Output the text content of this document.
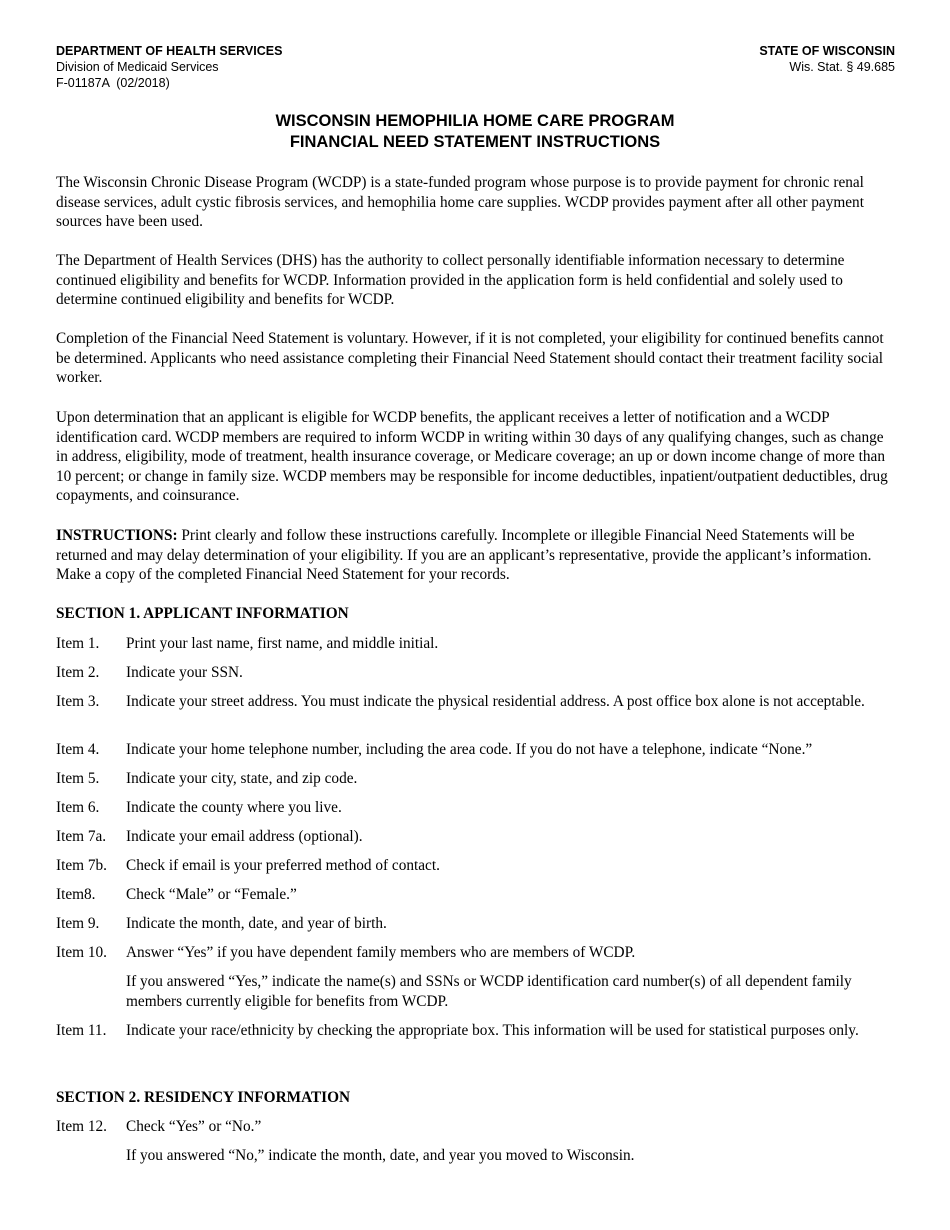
DEPARTMENT OF HEALTH SERVICES
Division of Medicaid Services
F-01187A  (02/2018)
STATE OF WISCONSIN
Wis. Stat. § 49.685
WISCONSIN HEMOPHILIA HOME CARE PROGRAM
FINANCIAL NEED STATEMENT INSTRUCTIONS

The Wisconsin Chronic Disease Program (WCDP) is a state-funded program whose purpose is to provide payment for chronic renal disease services, adult cystic fibrosis services, and hemophilia home care supplies. WCDP provides payment after all other payment sources have been used.

The Department of Health Services (DHS) has the authority to collect personally identifiable information necessary to determine continued eligibility and benefits for WCDP. Information provided in the application form is held confidential and solely used to determine continued eligibility and benefits for WCDP.

Completion of the Financial Need Statement is voluntary. However, if it is not completed, your eligibility for continued benefits cannot be determined. Applicants who need assistance completing their Financial Need Statement should contact their treatment facility social worker.

Upon determination that an applicant is eligible for WCDP benefits, the applicant receives a letter of notification and a WCDP identification card. WCDP members are required to inform WCDP in writing within 30 days of any qualifying changes, such as change in address, eligibility, mode of treatment, health insurance coverage, or Medicare coverage; an up or down income change of more than 10 percent; or change in family size. WCDP members may be responsible for income deductibles, inpatient/outpatient deductibles, drug copayments, and coinsurance.

INSTRUCTIONS: Print clearly and follow these instructions carefully. Incomplete or illegible Financial Need Statements will be returned and may delay determination of your eligibility. If you are an applicant’s representative, provide the applicant’s information. Make a copy of the completed Financial Need Statement for your records.

SECTION 1. APPLICANT INFORMATION
Item 1.	Print your last name, first name, and middle initial.
Item 2.	Indicate your SSN.
Item 3.	Indicate your street address. You must indicate the physical residential address. A post office box alone is not acceptable.
Item 4.	Indicate your home telephone number, including the area code. If you do not have a telephone, indicate “None.”
Item 5.	Indicate your city, state, and zip code.
Item 6.	Indicate the county where you live.
Item 7a.	Indicate your email address (optional).
Item 7b.	Check if email is your preferred method of contact.
Item8.	Check “Male” or “Female.”
Item 9.	Indicate the month, date, and year of birth.
Item 10.	Answer “Yes” if you have dependent family members who are members of WCDP.
If you answered “Yes,” indicate the name(s) and SSNs or WCDP identification card number(s) of all dependent family members currently eligible for benefits from WCDP.
Item 11.	Indicate your race/ethnicity by checking the appropriate box. This information will be used for statistical purposes only.
SECTION 2. RESIDENCY INFORMATION
Item 12.	Check “Yes” or “No.”
If you answered “No,” indicate the month, date, and year you moved to Wisconsin.
